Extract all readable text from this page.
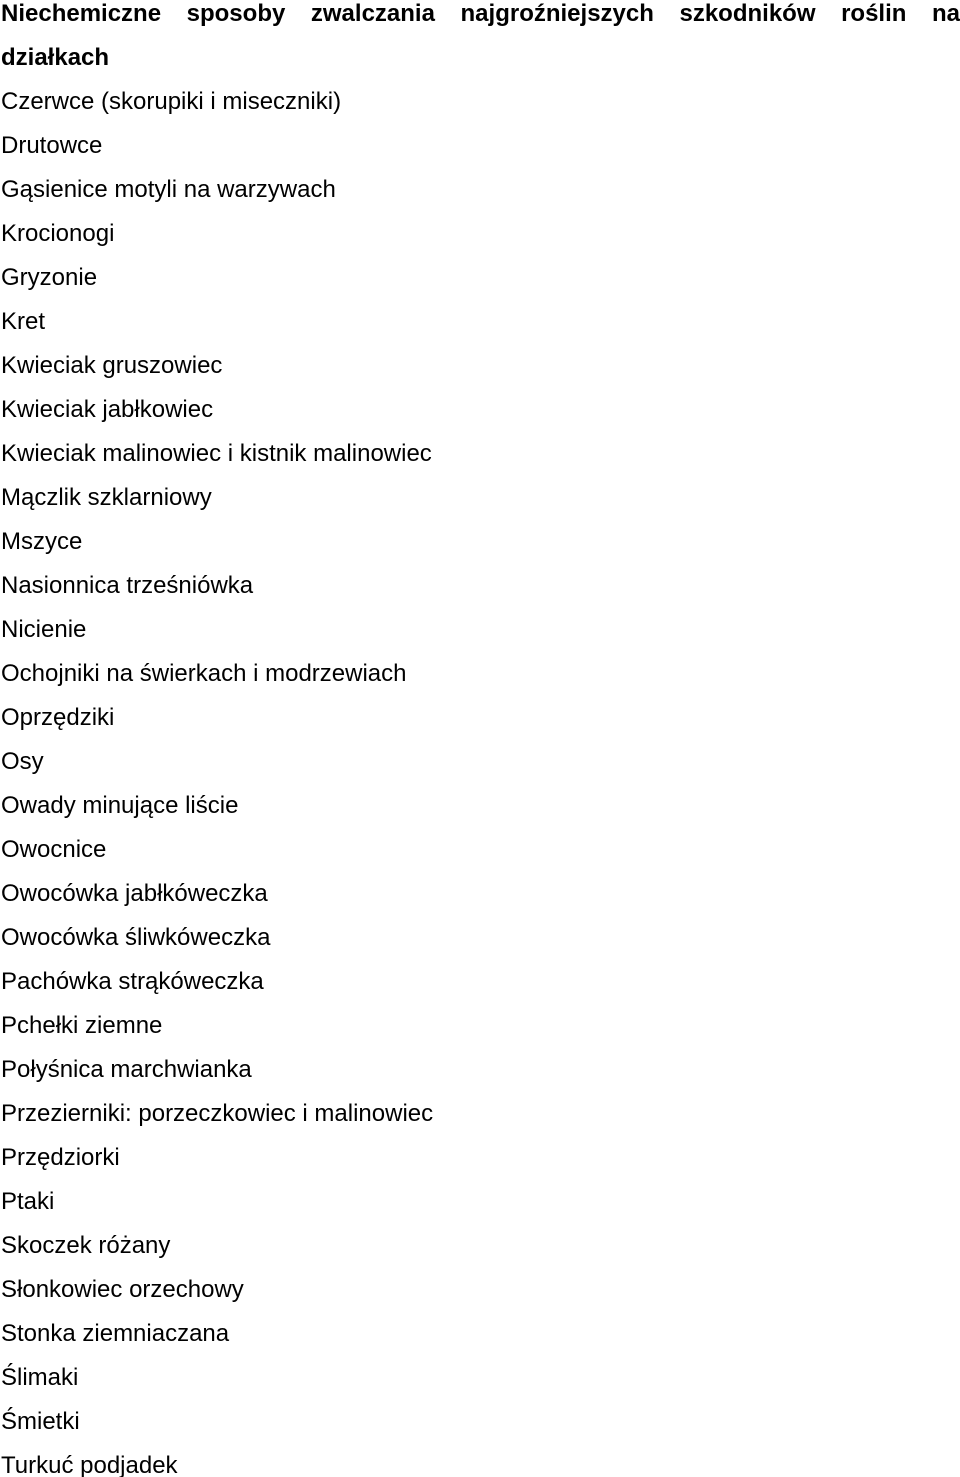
Niechemiczne sposoby zwalczania najgroźniejszych szkodników roślin na działkach
Czerwce (skorupiki i miseczniki)
Drutowce
Gąsienice motyli na warzywach
Krocionogi
Gryzonie
Kret
Kwieciak gruszowiec
Kwieciak jabłkowiec
Kwieciak malinowiec i kistnik malinowiec
Mączlik szklarniowy
Mszyce
Nasionnica trześniówka
Nicienie
Ochojniki na świerkach i modrzewiach
Oprzędziki
Osy
Owady minujące liście
Owocnice
Owocówka jabłkóweczka
Owocówka śliwkóweczka
Pachówka strąkóweczka
Pchełki ziemne
Połyśnica marchwianka
Przezierniki: porzeczkowiec i malinowiec
Przędziorki
Ptaki
Skoczek różany
Słonkowiec orzechowy
Stonka ziemniaczana
Ślimaki
Śmietki
Turkuć podjadek
